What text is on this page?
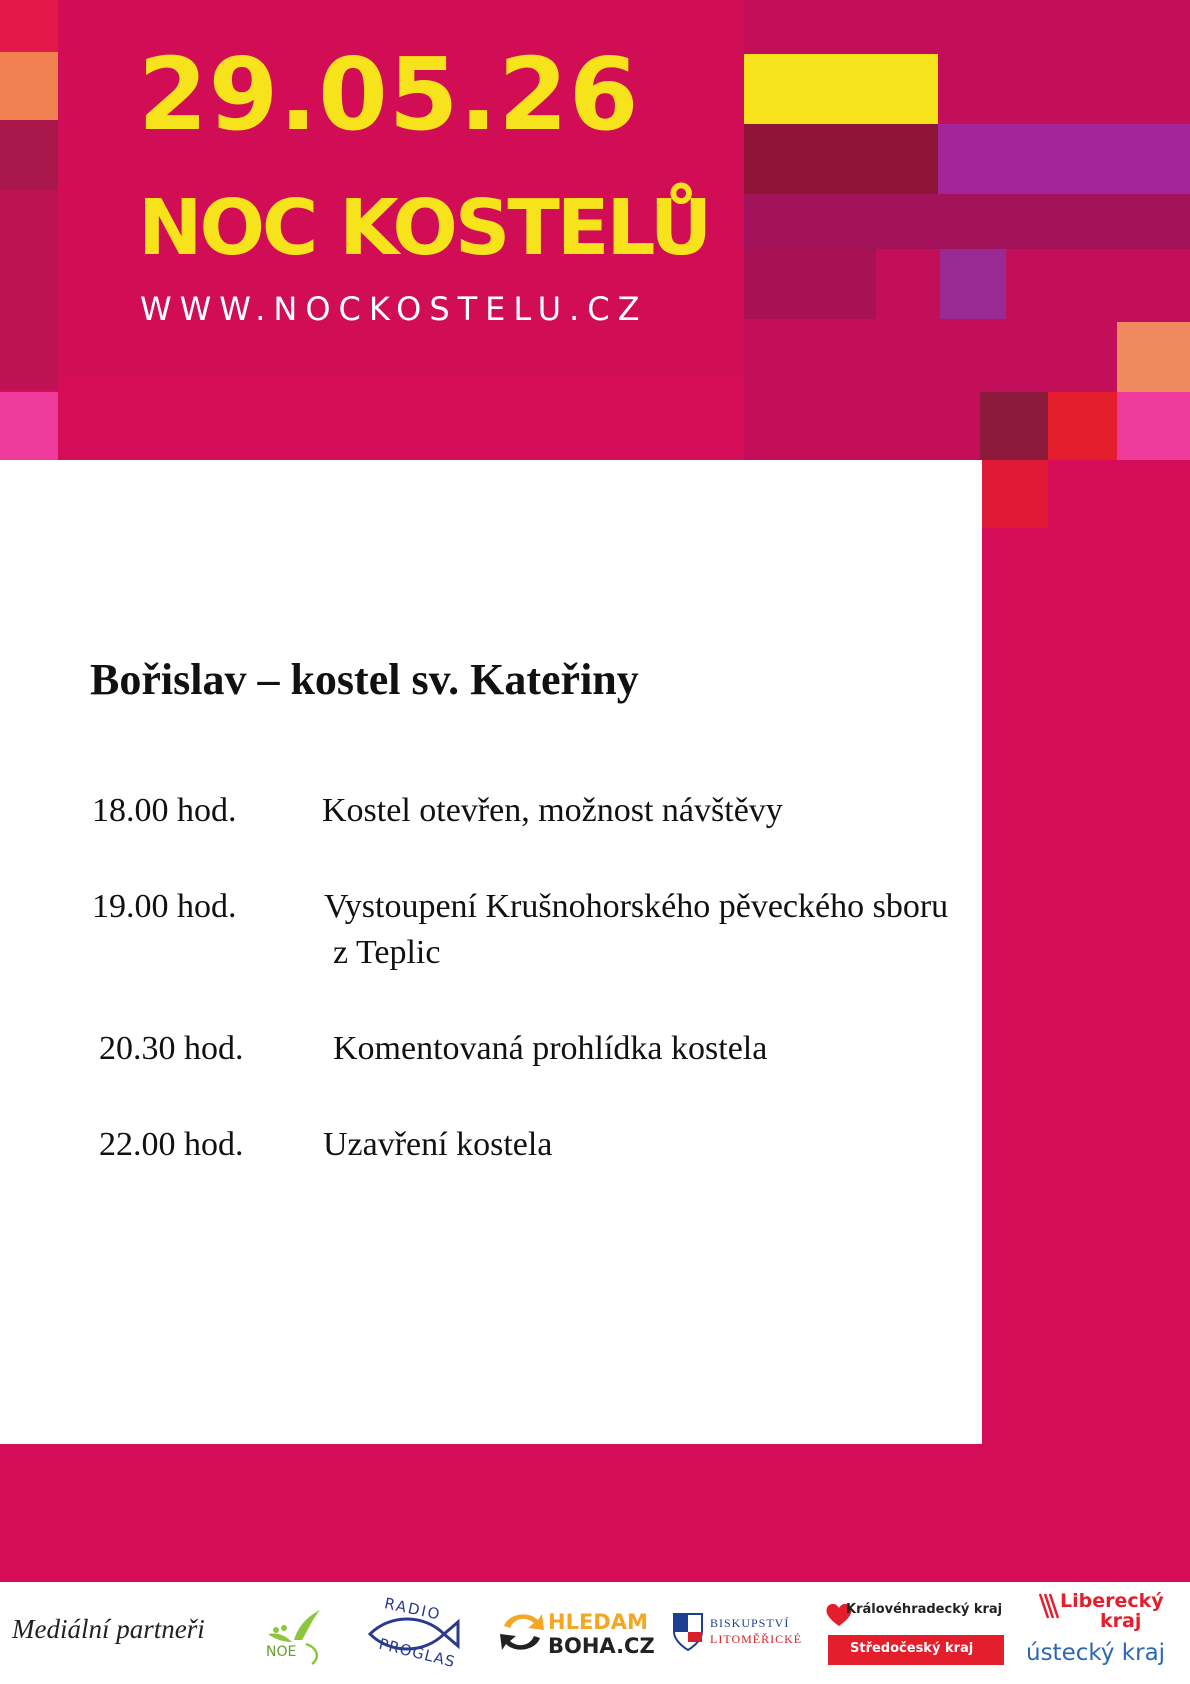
29.05.26
NOC KOSTELŮ
WWW.NOCKOSTELU.CZ
Bořislav – kostel sv. Kateřiny
18.00 hod.	Kostel otevřen, možnost návštěvy
19.00 hod.	Vystoupení Krušnohorského pěveckého sboru
z Teplic
20.30 hod.	Komentovaná prohlídka kostela
22.00 hod. Uzavření kostela
Mediální partneři
NOE
RADIO
PROGLAS
HLEDAM
BOHA.CZ
BISKUPSTVÍ
LITOMĚŘICKÉ
Královéhradecký kraj
Středočeský kraj
Liberecký
kraj
ústecký kraj
